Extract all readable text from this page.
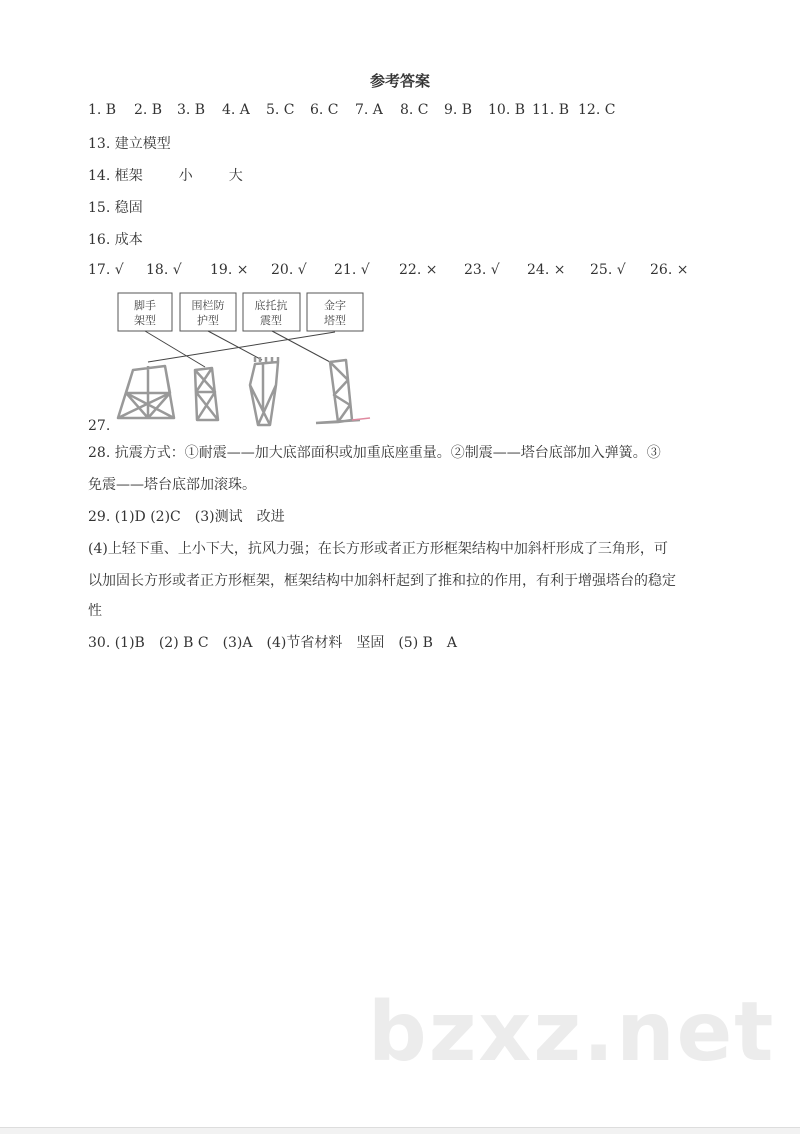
参考答案
1. B 2. B 3. B 4. A 5. C 6. C 7. A 8. C 9. B 10. B 11. B 12. C
13. 建立模型
14. 框架	小	大
15. 稳固
16. 成本
17. √ 18. √ 19. × 20. √ 21. √ 22. × 23. √ 24. × 25. √ 26. ×
脚手
架型
围栏防
护型
底托抗
震型
金字
塔型
27.
28. 抗震方式：①耐震——加大底部面积或加重底座重量。②制震——塔台底部加入弹簧。③
免震——塔台底部加滚珠。
29. (1)D (2)C　(3)测试　改进
(4)上轻下重、上小下大，抗风力强；在长方形或者正方形框架结构中加斜杆形成了三角形，可
以加固长方形或者正方形框架，框架结构中加斜杆起到了推和拉的作用，有利于增强塔台的稳定
性
30. (1)B　(2) B C　(3)A　(4)节省材料　坚固　(5) B　A
bzxz.net
